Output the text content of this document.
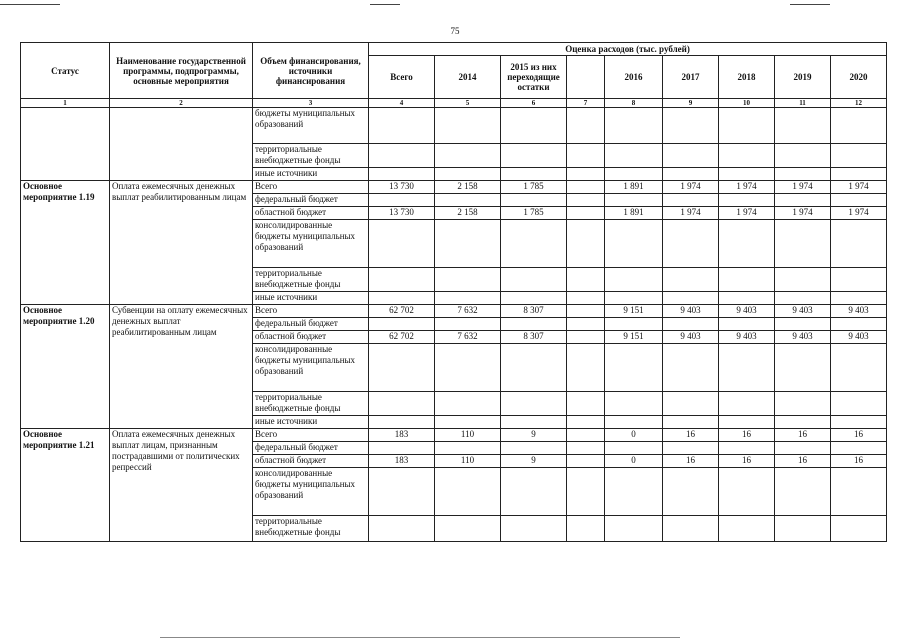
75
Статус	Наименование государственной программы, подпрограммы, основные мероприятия	Объем финансирования, источники финансирования	Оценка расходов (тыс. рублей)								
			Всего	2014	2015 из них переходящие остатки		2016	2017	2018	2019	2020
1	2	3	4	5	6	7	8	9	10	11	12
		бюджеты муниципальных образований									
		территориальные внебюджетные фонды									
		иные источники									
Основное мероприятие 1.19	Оплата ежемесячных денежных выплат реабилитированным лицам	Всего	13 730	2 158	1 785		1 891	1 974	1 974	1 974	1 974
		федеральный бюджет									
		областной бюджет	13 730	2 158	1 785		1 891	1 974	1 974	1 974	1 974
		консолидированные бюджеты муниципальных образований									
		территориальные внебюджетные фонды									
		иные источники									
Основное мероприятие 1.20	Субвенции на оплату ежемесячных денежных выплат реабилитированным лицам	Всего	62 702	7 632	8 307		9 151	9 403	9 403	9 403	9 403
		федеральный бюджет									
		областной бюджет	62 702	7 632	8 307		9 151	9 403	9 403	9 403	9 403
		консолидированные бюджеты муниципальных образований									
		территориальные внебюджетные фонды									
		иные источники									
Основное мероприятие 1.21	Оплата ежемесячных денежных выплат лицам, признанным пострадавшими от политических репрессий	Всего	183	110	9		0	16	16	16	16
		федеральный бюджет									
		областной бюджет	183	110	9		0	16	16	16	16
		консолидированные бюджеты муниципальных образований									
		территориальные внебюджетные фонды									
